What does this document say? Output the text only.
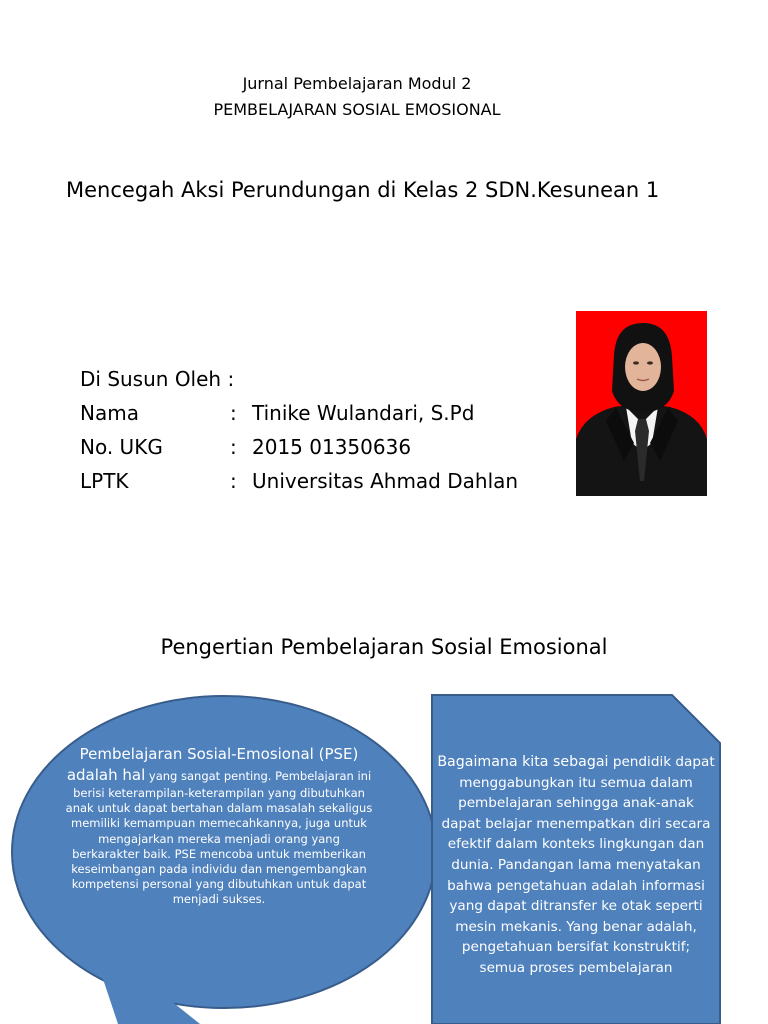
Jurnal Pembelajaran Modul 2
PEMBELAJARAN SOSIAL EMOSIONAL
Mencegah Aksi Perundungan di Kelas 2 SDN.Kesunean 1
Di Susun Oleh :
Nama	: Tinike Wulandari, S.Pd
No. UKG	: 2015 01350636
LPTK	: Universitas Ahmad Dahlan
Pengertian Pembelajaran Sosial Emosional
Pembelajaran Sosial-Emosional (PSE) adalah hal yang sangat penting. Pembelajaran ini berisi keterampilan-keterampilan yang dibutuhkan anak untuk dapat bertahan dalam masalah sekaligus memiliki kemampuan memecahkannya, juga untuk mengajarkan mereka menjadi orang yang berkarakter baik. PSE mencoba untuk memberikan keseimbangan pada individu dan mengembangkan kompetensi personal yang dibutuhkan untuk dapat menjadi sukses.
Bagaimana kita sebagai pendidik dapat menggabungkan itu semua dalam pembelajaran sehingga anak-anak dapat belajar menempatkan diri secara efektif dalam konteks lingkungan dan dunia. Pandangan lama menyatakan bahwa pengetahuan adalah informasi yang dapat ditransfer ke otak seperti mesin mekanis. Yang benar adalah, pengetahuan bersifat konstruktif; semua proses pembelajaran
